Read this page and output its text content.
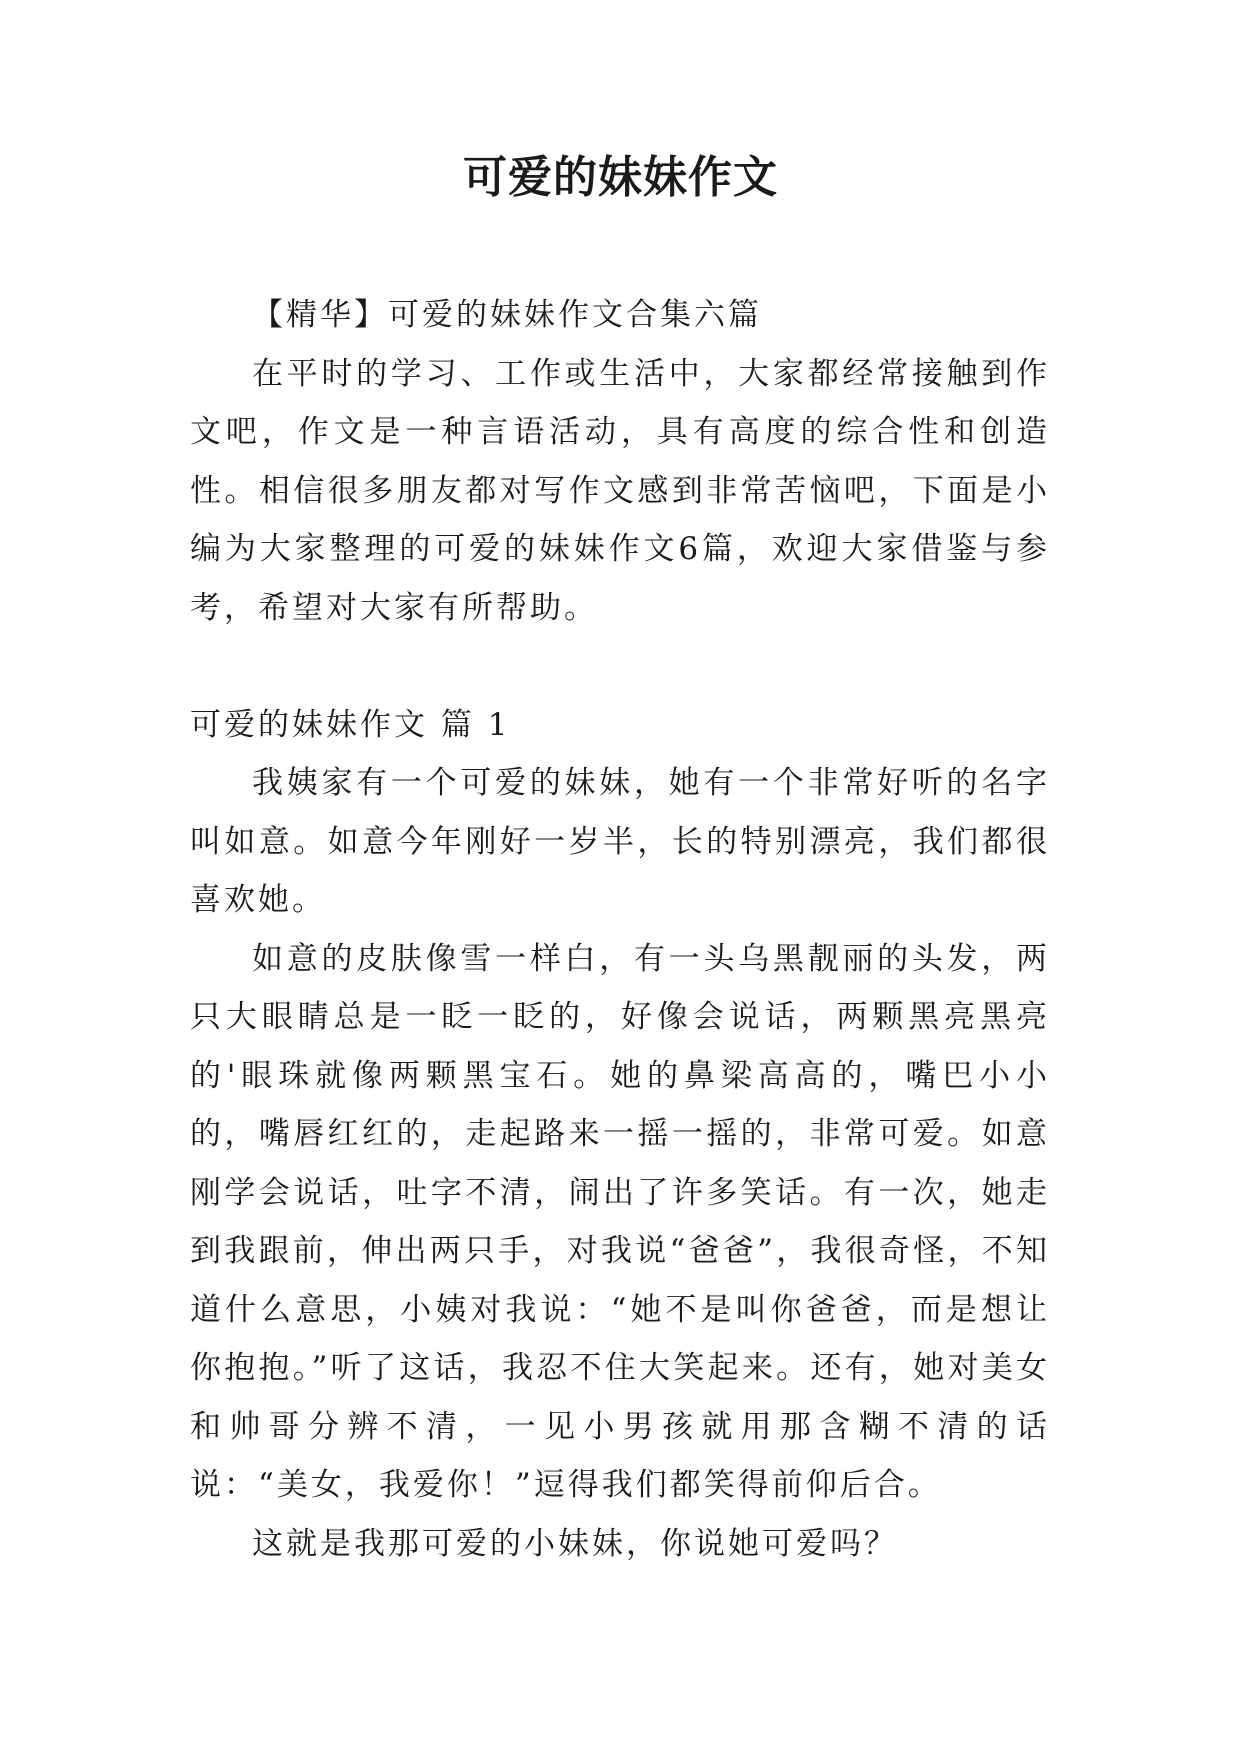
可爱的妹妹作文

【精华】可爱的妹妹作文合集六篇

在平时的学习、工作或生活中，大家都经常接触到作文吧，作文是一种言语活动，具有高度的综合性和创造性。相信很多朋友都对写作文感到非常苦恼吧，下面是小编为大家整理的可爱的妹妹作文6篇，欢迎大家借鉴与参考，希望对大家有所帮助。

可爱的妹妹作文 篇 1

我姨家有一个可爱的妹妹，她有一个非常好听的名字叫如意。如意今年刚好一岁半，长的特别漂亮，我们都很喜欢她。

如意的皮肤像雪一样白，有一头乌黑靓丽的头发，两只大眼睛总是一眨一眨的，好像会说话，两颗黑亮黑亮的'眼珠就像两颗黑宝石。她的鼻梁高高的，嘴巴小小的，嘴唇红红的，走起路来一摇一摇的，非常可爱。如意刚学会说话，吐字不清，闹出了许多笑话。有一次，她走到我跟前，伸出两只手，对我说“爸爸”，我很奇怪，不知道什么意思，小姨对我说：“她不是叫你爸爸，而是想让你抱抱。”听了这话，我忍不住大笑起来。还有，她对美女和帅哥分辨不清，一见小男孩就用那含糊不清的话说：“美女，我爱你！”逗得我们都笑得前仰后合。

这就是我那可爱的小妹妹，你说她可爱吗？
